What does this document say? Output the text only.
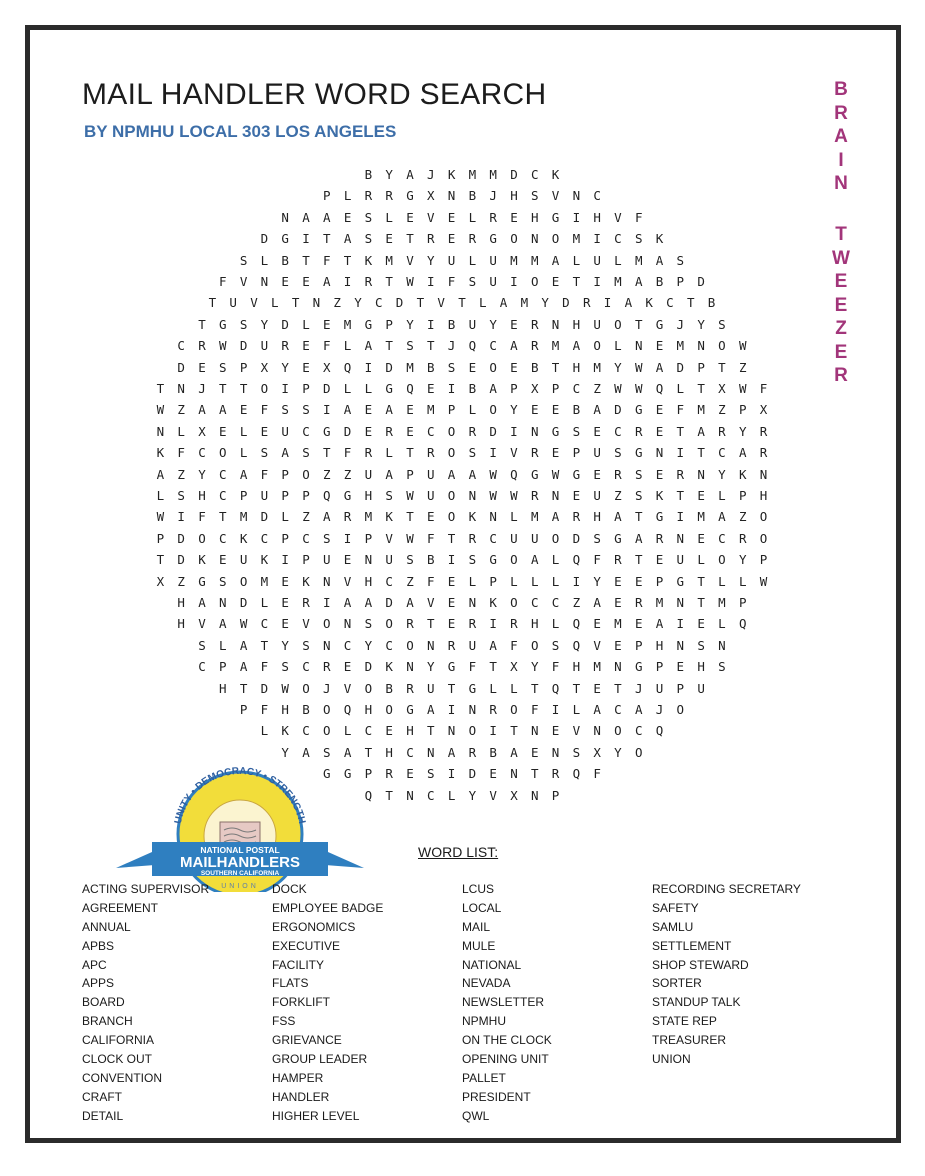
MAIL HANDLER WORD SEARCH
BY NPMHU LOCAL 303 LOS ANGELES
B
R
A
I
N
T
W
E
E
Z
E
R
B Y A J K M M D C K
P L R R G X N B J H S V N C
N A A E S L E V E L R E H G I H V F
D G I T A S E T R E R G O N O M I C S K
S L B T F T K M V Y U L U M M A L U L M A S
F V N E E A I R T W I F S U I O E T I M A B P D
T U V L T N Z Y C D T V T L A M Y D R I A K C T B
T G S Y D L E M G P Y I B U Y E R N H U O T G J Y S
C R W D U R E F L A T S T J Q C A R M A O L N E M N O W
D E S P X Y E X Q I D M B S E O E B T H M Y W A D P T Z
T N J T T O I P D L L G Q E I B A P X P C Z W W Q L T X W F
W Z A A E F S S I A E A E M P L O Y E E B A D G E F M Z P X
N L X E L E U C G D E R E C O R D I N G S E C R E T A R Y R
K F C O L S A S T F R L T R O S I V R E P U S G N I T C A R
A Z Y C A F P O Z Z U A P U A A W Q G W G E R S E R N Y K N
L S H C P U P P Q G H S W U O N W W R N E U Z S K T E L P H
W I F T M D L Z A R M K T E O K N L M A R H A T G I M A Z O
P D O C K C P C S I P V W F T R C U U O D S G A R N E C R O
T D K E U K I P U E N U S B I S G O A L Q F R T E U L O Y P
X Z G S O M E K N V H C Z F E L P L L L I Y E E P G T L L W
H A N D L E R I A A D A V E N K O C C Z A E R M N T M P
H V A W C E V O N S O R T E R I R H L Q E M E A I E L Q
S L A T Y S N C Y C O N R U A F O S Q V E P H N S N
C P A F S C R E D K N Y G F T X Y F H M N G P E H S
H T D W O J V O B R U T G L L T Q T E T J U P U
P F H B O Q H O G A I N R O F I L A C A J O
L K C O L C E H T N O I T N E V N O C Q
Y A S A T H C N A R B A E N S X Y O
G G P R E S I D E N T R Q F
Q T N C L Y V X N P
UNITY • DEMOCRACY • STRENGTH
NATIONAL POSTAL
MAILHANDLERS
SOUTHERN CALIFORNIA
UNION
WORD LIST:
ACTING SUPERVISOR
AGREEMENT
ANNUAL
APBS
APC
APPS
BOARD
BRANCH
CALIFORNIA
CLOCK OUT
CONVENTION
CRAFT
DETAIL
DOCK
EMPLOYEE BADGE
ERGONOMICS
EXECUTIVE
FACILITY
FLATS
FORKLIFT
FSS
GRIEVANCE
GROUP LEADER
HAMPER
HANDLER
HIGHER LEVEL
LCUS
LOCAL
MAIL
MULE
NATIONAL
NEVADA
NEWSLETTER
NPMHU
ON THE CLOCK
OPENING UNIT
PALLET
PRESIDENT
QWL
RECORDING SECRETARY
SAFETY
SAMLU
SETTLEMENT
SHOP STEWARD
SORTER
STANDUP TALK
STATE REP
TREASURER
UNION
